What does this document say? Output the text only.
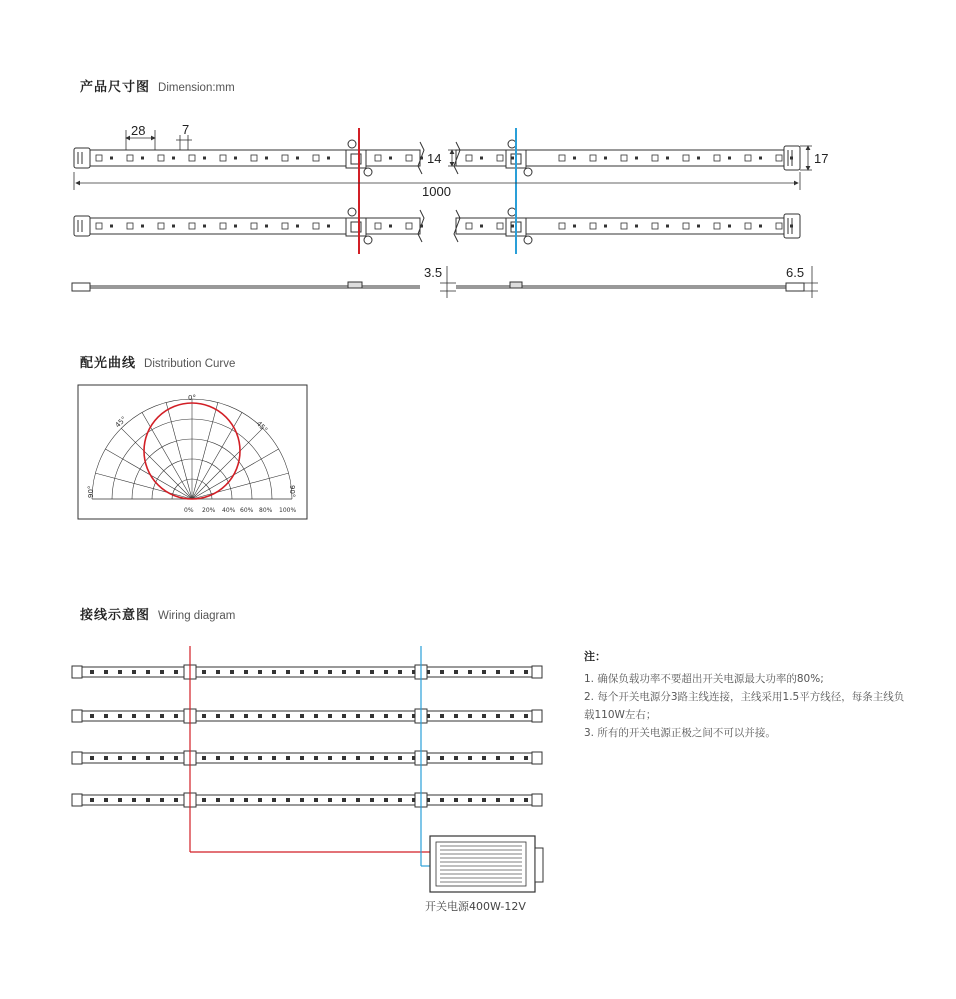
产品尺寸图 Dimension:mm
配光曲线 Distribution Curve
接线示意图 Wiring diagram
28	7
14	17
1000
3.5	6.5
0°
45°	45°
90°	90°
0% 20% 40% 60% 80% 100%
注：
1. 确保负载功率不要超出开关电源最大功率的80%;
2. 每个开关电源分3路主线连接，主线采用1.5平方线径，每条主线负载110W左右；
3. 所有的开关电源正极之间不可以并接。
开关电源400W-12V
